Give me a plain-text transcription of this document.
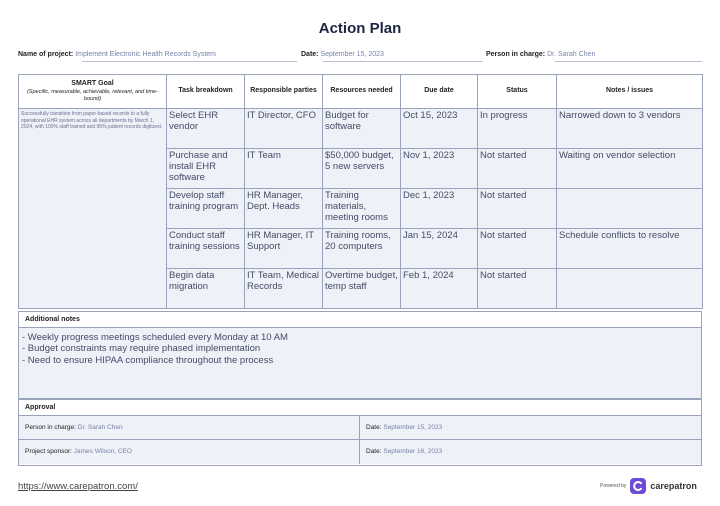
Action Plan
Name of project: Implement Electronic Health Records System	Date: September 15, 2023	Person in charge: Dr. Sarah Chen
SMART Goal
(Specific, measurable, achievable, relevant, and time-bound)	Task breakdown	Responsible parties	Resources needed	Due date	Status	Notes / issues
Successfully transition from paper-based records to a fully operational EHR system across all departments by March 1, 2024, with 100% staff trained and 95% patient records digitized.	Select EHR vendor	IT Director, CFO	Budget for software	Oct 15, 2023	In progress	Narrowed down to 3 vendors
	Purchase and install EHR software	IT Team	$50,000 budget, 5 new servers	Nov 1, 2023	Not started	Waiting on vendor selection
	Develop staff training program	HR Manager, Dept. Heads	Training materials, meeting rooms	Dec 1, 2023	Not started	
	Conduct staff training sessions	HR Manager, IT Support	Training rooms, 20 computers	Jan 15, 2024	Not started	Schedule conflicts to resolve
	Begin data migration	IT Team, Medical Records	Overtime budget, temp staff	Feb 1, 2024	Not started	
Additional notes
- Weekly progress meetings scheduled every Monday at 10 AM
- Budget constraints may require phased implementation
- Need to ensure HIPAA compliance throughout the process
Approval
Person in charge: Dr. Sarah Chen	Date: September 15, 2023
Project sponsor: James Wilson, CEO	Date: September 16, 2023
https://www.carepatron.com/	Powered by	carepatron
